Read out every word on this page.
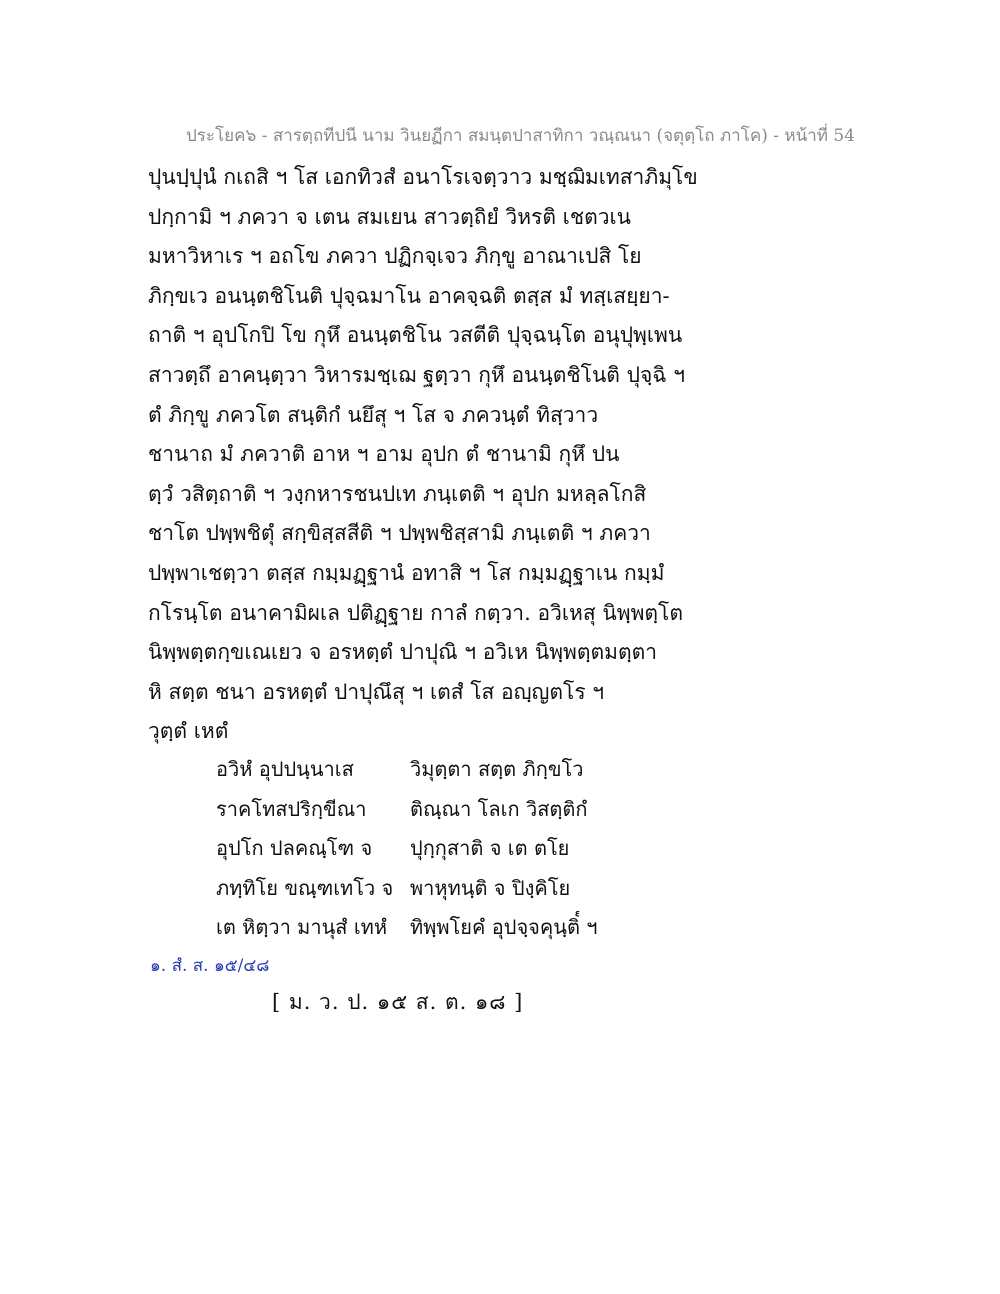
ประโยค๖ - สารตฺถทีปนี นาม วินยฏีกา สมนฺตปาสาทิกา วณฺณนา (จตุตฺโถ ภาโค) - หน้าที่ 54
ปุนปฺปุนํ กเถสิ ฯ โส เอกทิวสํ อนาโรเจตฺวาว มชฺฌิมเทสาภิมุโข
ปกฺกามิ ฯ ภควา จ เตน สมเยน สาวตฺถิยํ วิหรติ เชตวเน
มหาวิหาเร ฯ อถโข ภควา ปฏิกจฺเจว ภิกฺขู อาณาเปสิ โย
ภิกฺขเว อนนฺตชิโนติ ปุจฺฉมาโน อาคจฺฉติ ตสฺส มํ ทสฺเสยฺยา-
ถาติ ฯ อุปโกปิ โข กุหึ อนนฺตชิโน วสตีติ ปุจฺฉนฺโต อนุปุพฺเพน
สาวตฺถึ อาคนฺตฺวา วิหารมชฺเฌ ฐตฺวา กุหึ อนนฺตชิโนติ ปุจฺฉิ ฯ
ตํ ภิกฺขู ภควโต สนฺติกํ นยึสุ ฯ โส จ ภควนฺตํ ทิสฺวาว
ชานาถ มํ ภควาติ อาห ฯ อาม อุปก ตํ ชานามิ กุหึ ปน
ตฺวํ วสิตฺถาติ ฯ วงฺกหารชนปเท ภนฺเตติ ฯ อุปก มหลฺลโกสิ
ชาโต ปพฺพชิตุํ สกฺขิสฺสสีติ ฯ ปพฺพชิสฺสามิ ภนฺเตติ ฯ ภควา
ปพฺพาเชตฺวา ตสฺส กมฺมฏฺฐานํ อทาสิ ฯ โส กมฺมฏฺฐาเน กมฺมํ
กโรนฺโต อนาคามิผเล ปติฏฺฐาย กาลํ กตฺวา. อวิเหสุ นิพฺพตฺโต
นิพฺพตฺตกฺขเณเยว จ อรหตฺตํ ปาปุณิ ฯ อวิเห นิพฺพตฺตมตฺตา
หิ สตฺต ชนา อรหตฺตํ ปาปุณึสุ ฯ เตสํ โส อญฺญตโร ฯ
วุตฺตํ เหตํ
อวิหํ อุปปนฺนาเส	วิมุตฺตา สตฺต ภิกฺขโว
ราคโทสปริกฺขีณา ติณฺณา โลเก วิสตฺติกํ
อุปโก ปลคณฺโฑ จ ปุกฺกุสาติ จ เต ตโย
ภทฺทิโย ขณฺฑเทโว จ พาหุทนฺติ จ ปิงฺคิโย
เต หิตฺวา มานุสํ เทหํ ทิพฺพโยคํ อุปจฺจคุนฺติ๎ ฯ
๑. สํ. ส. ๑๕/๔๘
[ ม. ว. ป. ๑๕ ส. ต. ๑๘ ]
